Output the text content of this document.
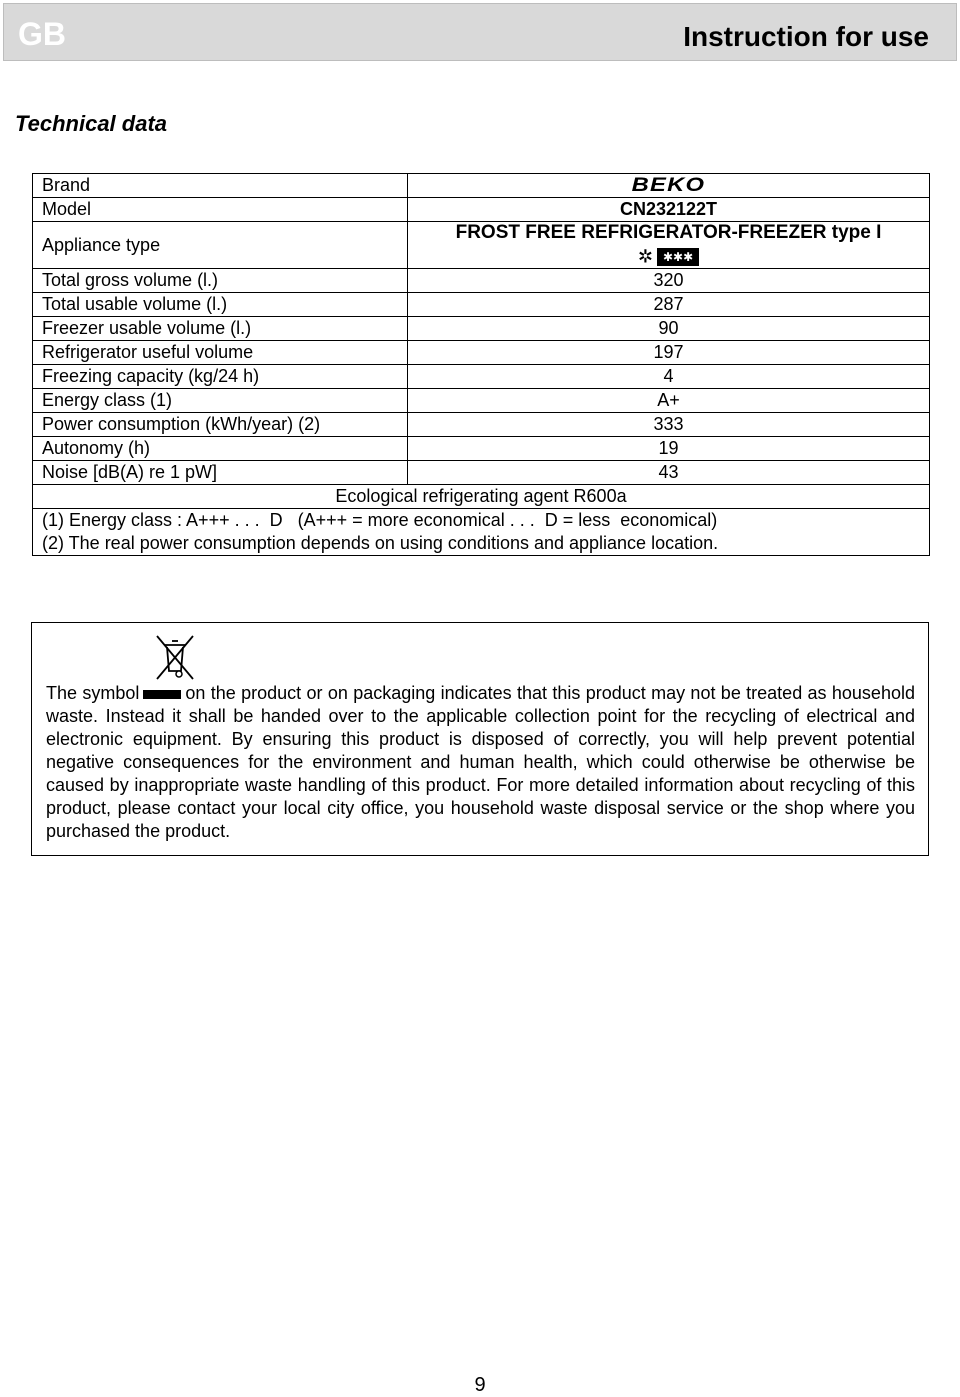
GB	Instruction for use
Technical data
Brand	BEKO
Model	CN232122T
Appliance type	FROST FREE REFRIGERATOR-FREEZER type I
✲ ✱✱✱

Total gross volume (l.)	320
Total usable volume (l.)	287
Freezer usable volume (l.)	90
Refrigerator useful volume	197
Freezing capacity (kg/24 h)	4
Energy class (1)	A+
Power consumption (kWh/year) (2)	333
Autonomy (h)	19
Noise [dB(A) re 1 pW]	43
Ecological refrigerating agent R600a	

(1) Energy class : A+++ . . .  D   (A+++ = more economical . . .  D = less  economical)
(2) The real power consumption depends on using conditions and appliance location.	
The symbol	on the product or on packaging indicates that this product may not be treated as household waste. Instead it shall be handed over to the applicable collection point for the recycling of electrical and electronic equipment. By ensuring this product is disposed of correctly, you will help prevent potential negative consequences for the environment and human health, which could otherwise be otherwise be caused by inappropriate waste handling of this product. For more detailed information about recycling of this product, please contact your local city office, you household waste disposal service or the shop where you purchased the product.
9
